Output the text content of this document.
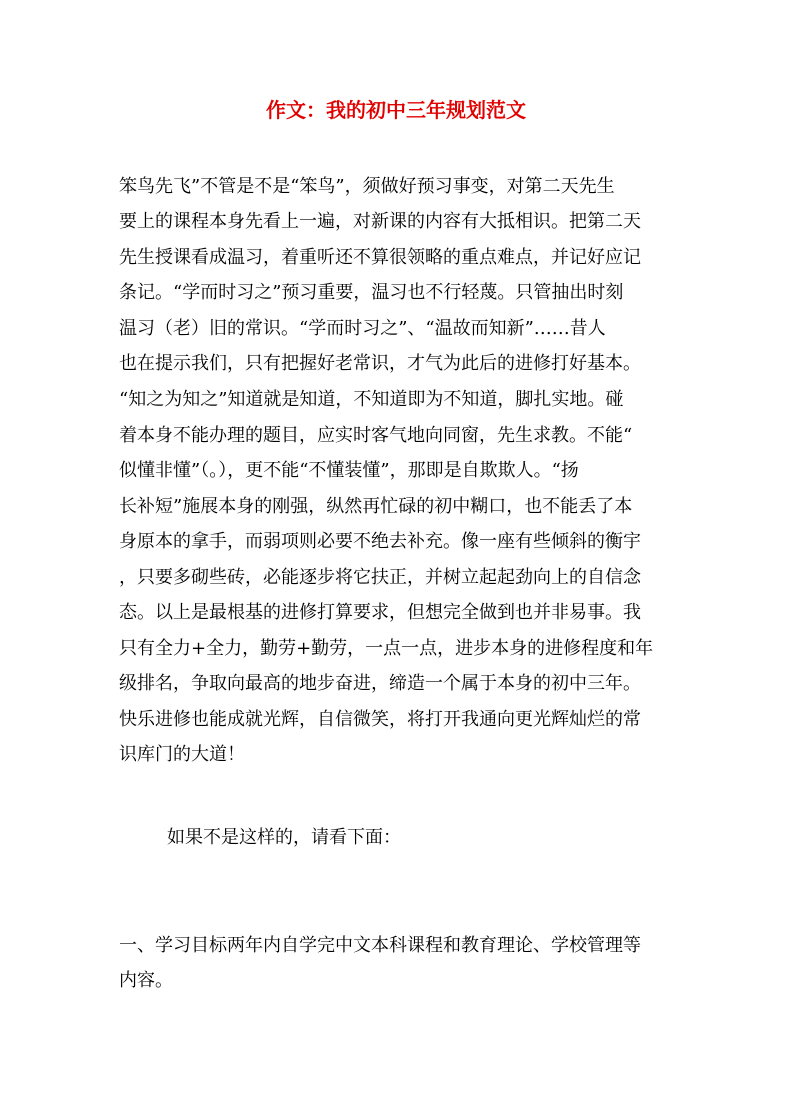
作文：我的初中三年规划范文

笨鸟先飞”不管是不是“笨鸟”，须做好预习事变，对第二天先生

要上的课程本身先看上一遍，对新课的内容有大抵相识。把第二天

先生授课看成温习，着重听还不算很领略的重点难点，并记好应记

条记。“学而时习之”预习重要，温习也不行轻蔑。只管抽出时刻

温习（老）旧的常识。“学而时习之”、“温故而知新”……昔人

也在提示我们，只有把握好老常识，才气为此后的进修打好基本。

“知之为知之”知道就是知道，不知道即为不知道，脚扎实地。碰

着本身不能办理的题目，应实时客气地向同窗，先生求教。不能“

似懂非懂”（。），更不能“不懂装懂”，那即是自欺欺人。“扬

长补短”施展本身的刚强，纵然再忙碌的初中糊口，也不能丢了本

身原本的拿手，而弱项则必要不绝去补充。像一座有些倾斜的衡宇

，只要多砌些砖，必能逐步将它扶正，并树立起起劲向上的自信念

态。以上是最根基的进修打算要求，但想完全做到也并非易事。我

只有全力+全力，勤劳+勤劳，一点一点，进步本身的进修程度和年

级排名，争取向最高的地步奋进，缔造一个属于本身的初中三年。

快乐进修也能成就光辉，自信微笑，将打开我通向更光辉灿烂的常

识库门的大道！

如果不是这样的，请看下面：

一、学习目标两年内自学完中文本科课程和教育理论、学校管理等

内容。
